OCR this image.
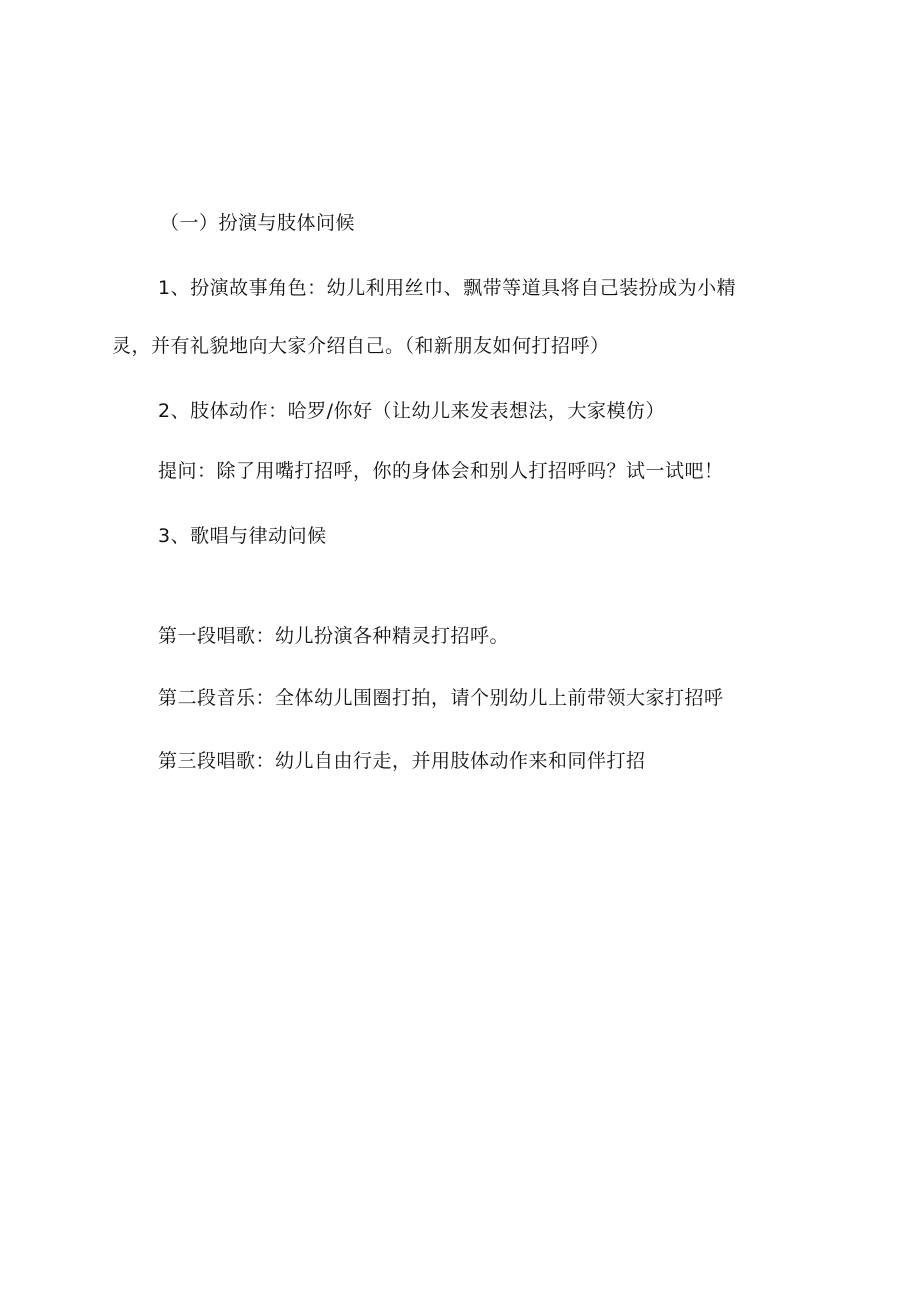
（一）扮演与肢体问候
1、扮演故事角色：幼儿利用丝巾、飘带等道具将自己装扮成为小精
灵，并有礼貌地向大家介绍自己。（和新朋友如何打招呼）
2、肢体动作：哈罗/你好（让幼儿来发表想法，大家模仿）
提问：除了用嘴打招呼，你的身体会和别人打招呼吗？试一试吧！
3、歌唱与律动问候
第一段唱歌：幼儿扮演各种精灵打招呼。
第二段音乐：全体幼儿围圈打拍，请个别幼儿上前带领大家打招呼
第三段唱歌：幼儿自由行走，并用肢体动作来和同伴打招
